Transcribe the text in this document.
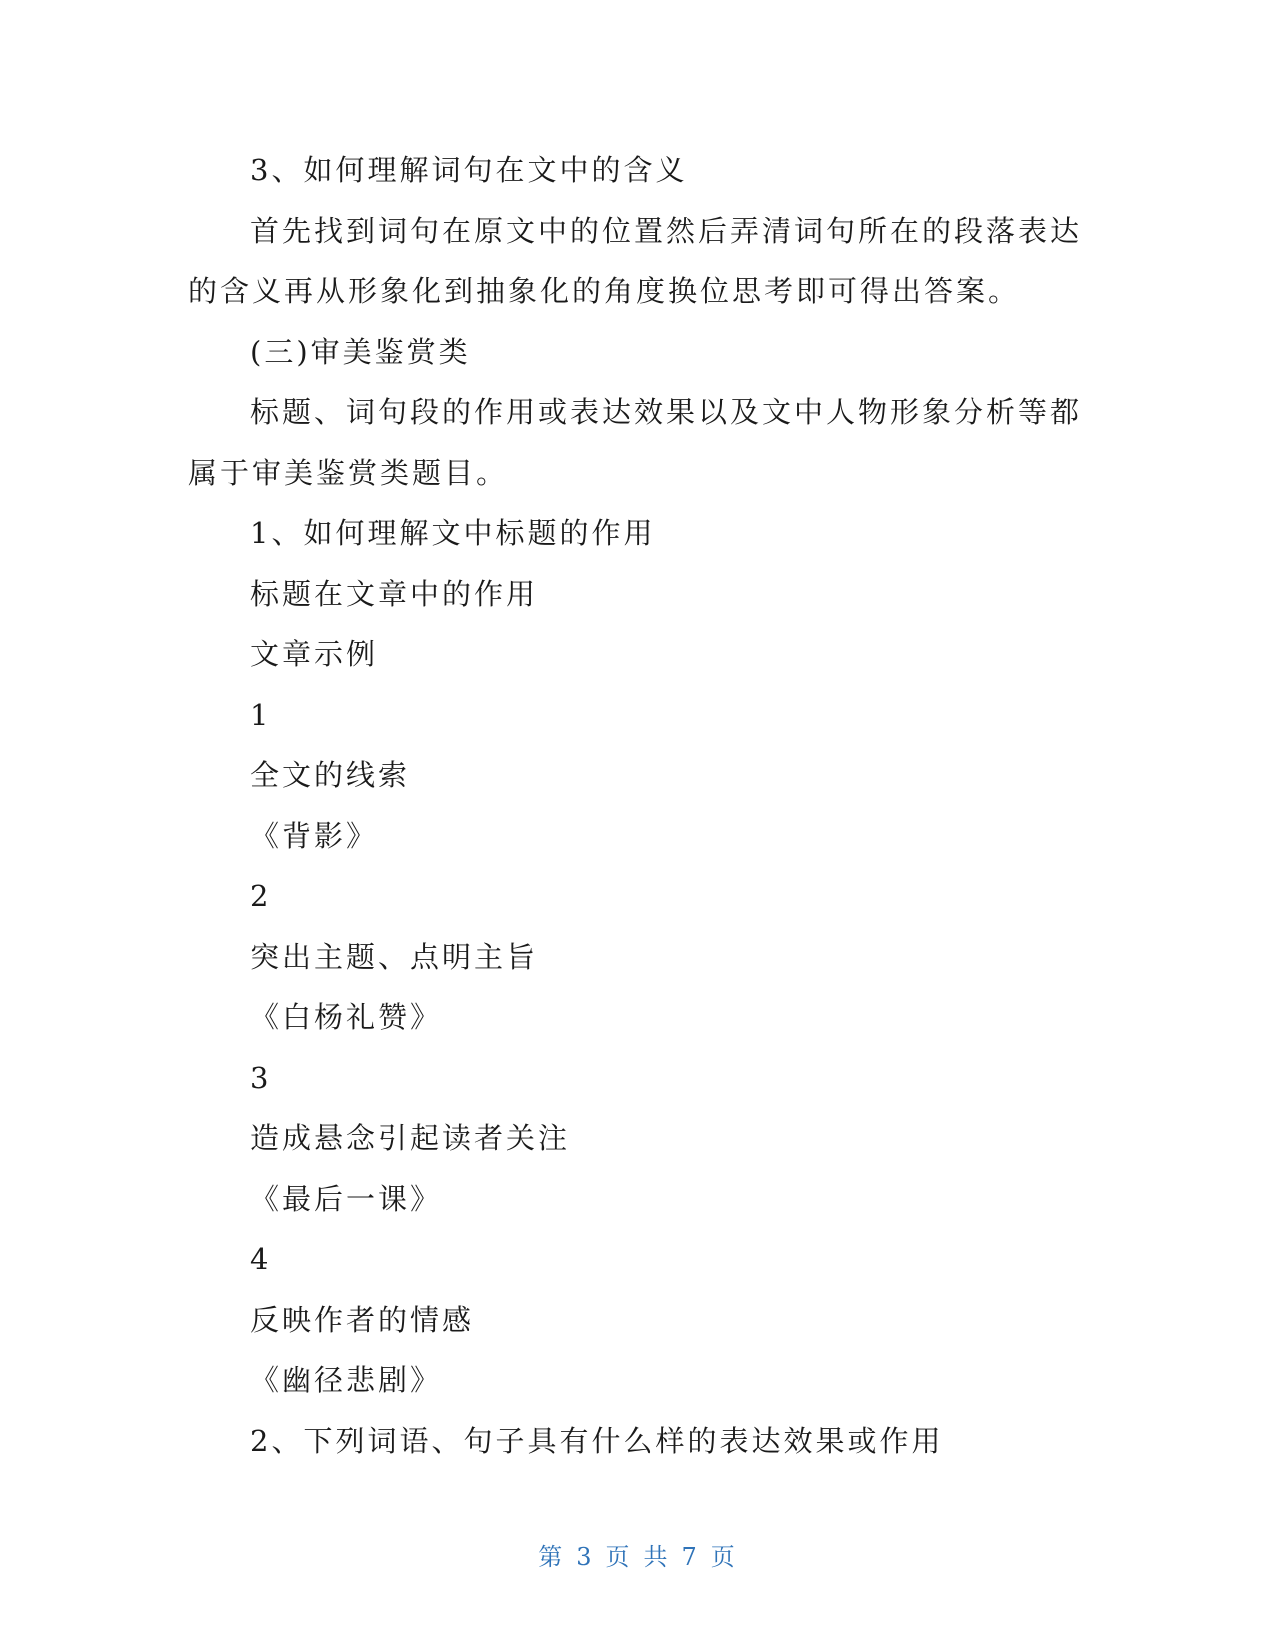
3、如何理解词句在文中的含义

首先找到词句在原文中的位置然后弄清词句所在的段落表达

的含义再从形象化到抽象化的角度换位思考即可得出答案。

(三)审美鉴赏类

标题、词句段的作用或表达效果以及文中人物形象分析等都

属于审美鉴赏类题目。

1、如何理解文中标题的作用

标题在文章中的作用

文章示例

1

全文的线索

《背影》

2

突出主题、点明主旨

《白杨礼赞》

3

造成悬念引起读者关注

《最后一课》

4

反映作者的情感

《幽径悲剧》

2、下列词语、句子具有什么样的表达效果或作用

第 3 页 共 7 页
